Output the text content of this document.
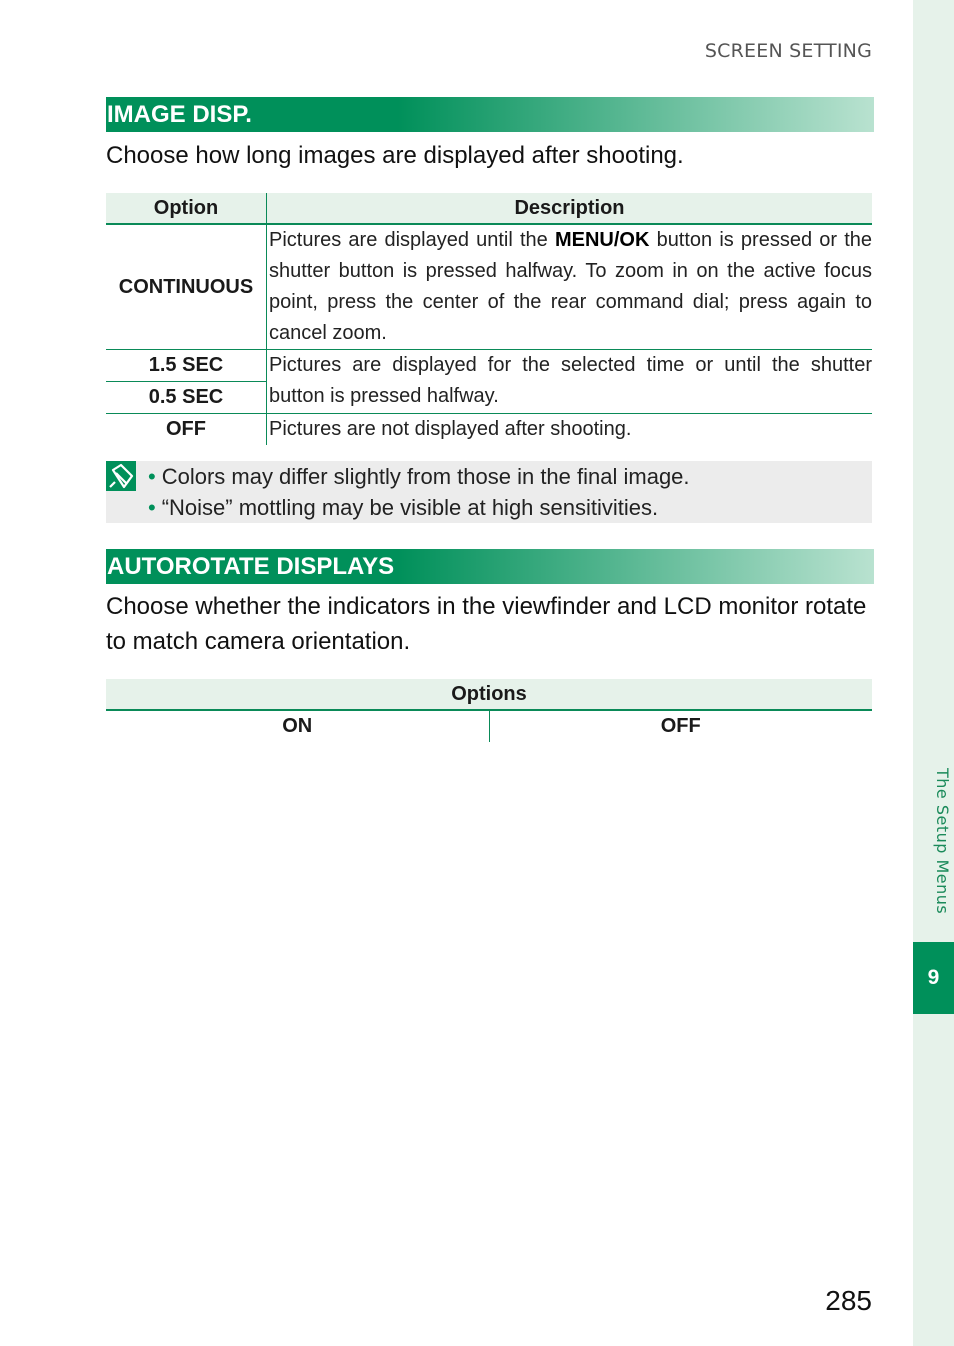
SCREEN SETTING
IMAGE DISP.
Choose how long images are displayed after shooting.
Option	Description
CONTINUOUS	Pictures are displayed until the MENU/OK button is pressed or the shutter button is pressed halfway. To zoom in on the active focus point, press the center of the rear command dial; press again to cancel zoom.
1.5 SEC	Pictures are displayed for the selected time or until the shutter button is pressed halfway.
0.5 SEC	
OFF	Pictures are not displayed after shooting.
• Colors may differ slightly from those in the final image.
• “Noise” mottling may be visible at high sensitivities.
AUTOROTATE DISPLAYS
Choose whether the indicators in the viewfinder and LCD monitor rotate to match camera orientation.
Options
ON	OFF
The Setup Menus
9
285
